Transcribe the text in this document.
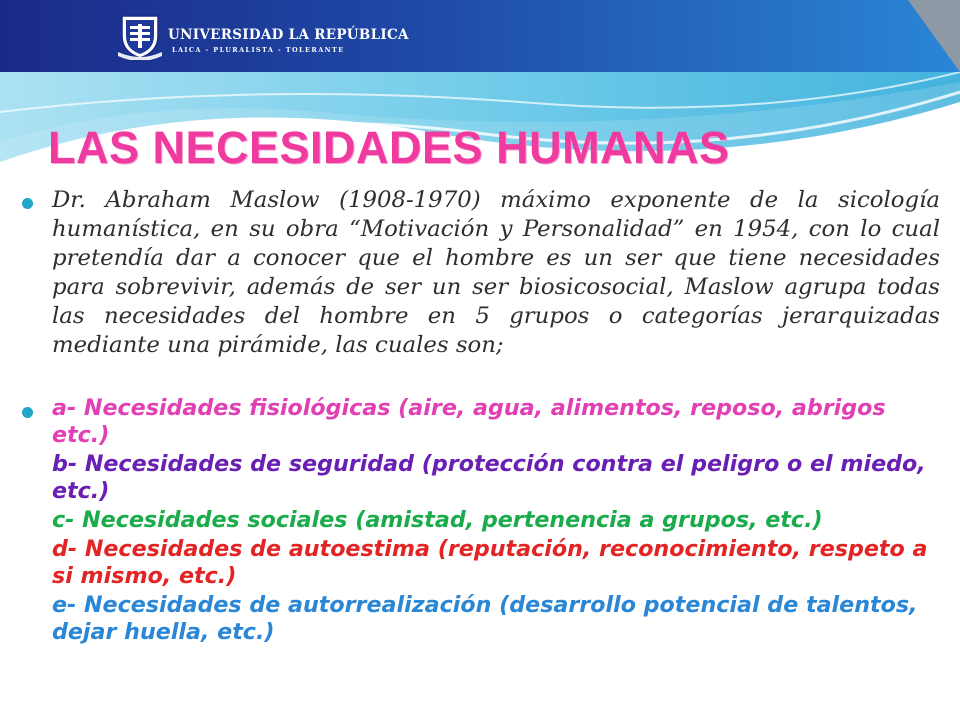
UNIVERSIDAD LA REPÚBLICA
LAICA - PLURALISTA - TOLERANTE
LAS NECESIDADES HUMANAS

Dr. Abraham Maslow (1908-1970) máximo exponente de la sicología humanística, en su obra “Motivación y Personalidad” en 1954, con lo cual pretendía dar a conocer que el hombre es un ser que tiene necesidades para sobrevivir, además de ser un ser biosicosocial, Maslow agrupa todas las necesidades del hombre en 5 grupos o categorías jerarquizadas mediante una pirámide, las cuales son;

a- Necesidades fisiológicas (aire, agua, alimentos, reposo, abrigos etc.)

b- Necesidades de seguridad (protección contra el peligro o el miedo, etc.)

c- Necesidades sociales (amistad, pertenencia a grupos, etc.)

d- Necesidades de autoestima (reputación, reconocimiento, respeto a si mismo, etc.)

e- Necesidades de autorrealización (desarrollo potencial de talentos, dejar huella, etc.)
